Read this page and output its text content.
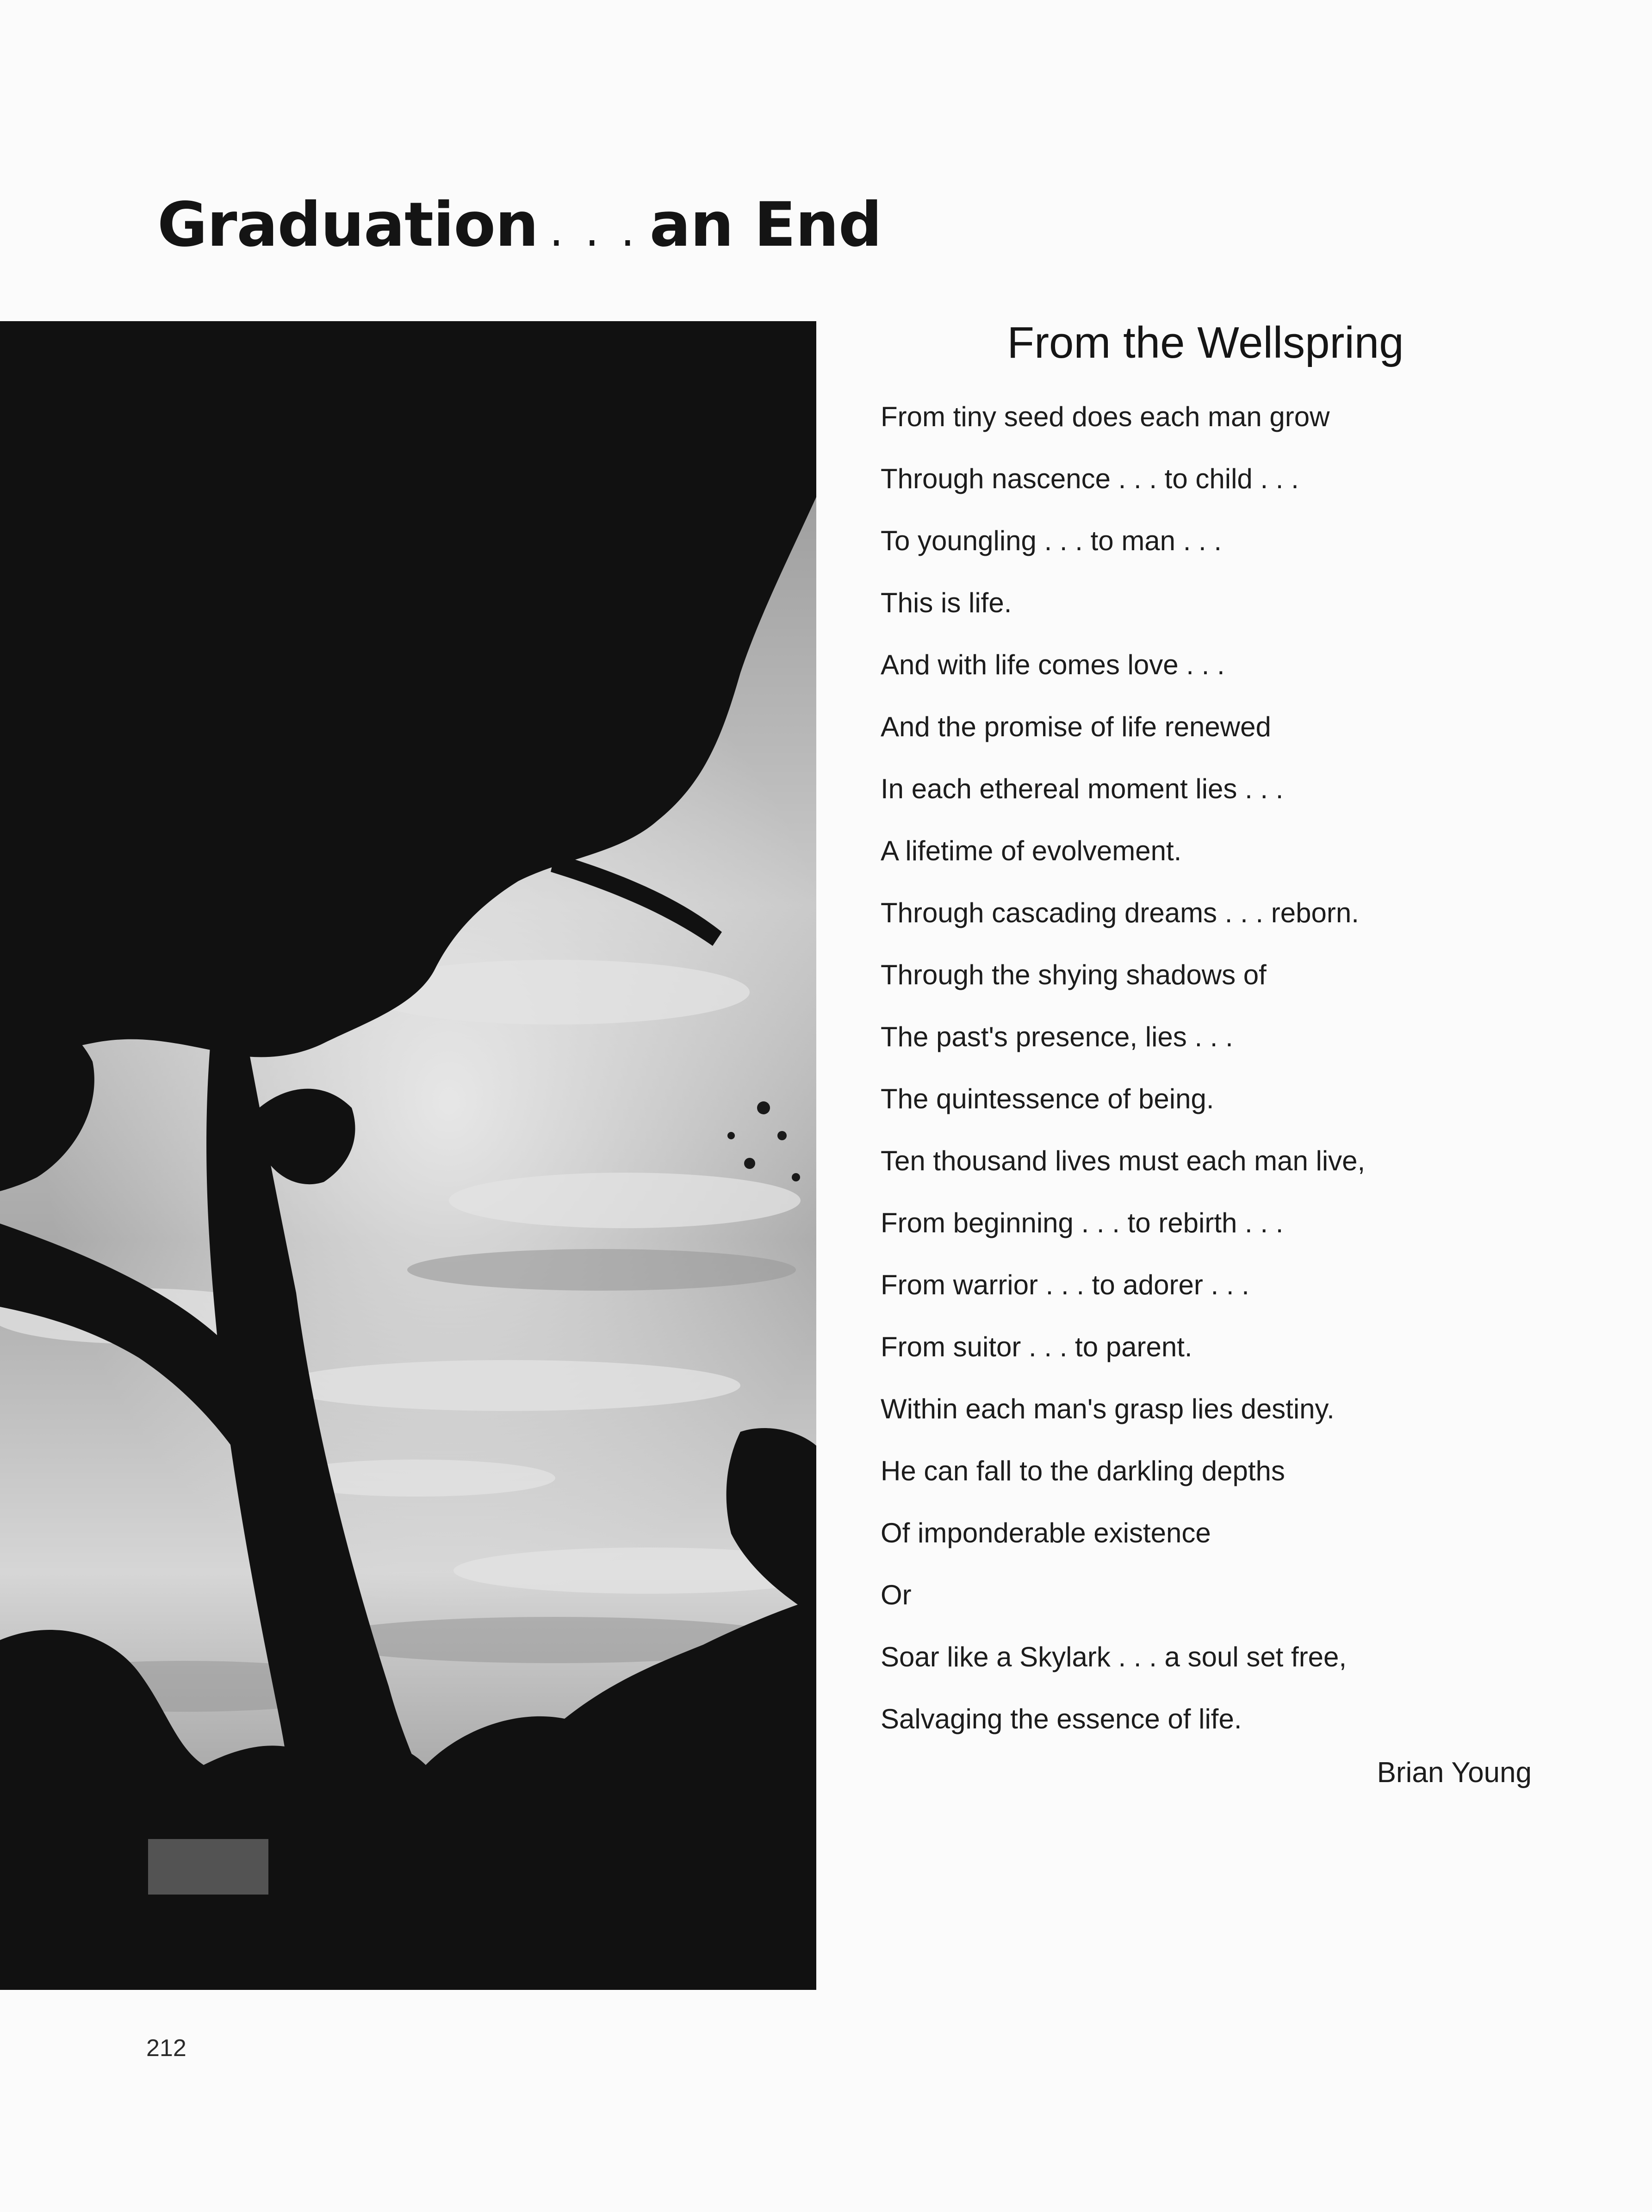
Graduation . . . an End
From the Wellspring
From tiny seed does each man grow
Through nascence . . . to child . . .
To youngling . . . to man . . .
This is life.
And with life comes love . . .
And the promise of life renewed
In each ethereal moment lies . . .
A lifetime of evolvement.
Through cascading dreams . . . reborn.
Through the shying shadows of
The past's presence, lies . . .
The quintessence of being.
Ten thousand lives must each man live,
From beginning . . . to rebirth . . .
From warrior . . . to adorer . . .
From suitor . . . to parent.
Within each man's grasp lies destiny.
He can fall to the darkling depths
Of imponderable existence
Or
Soar like a Skylark . . . a soul set free,
Salvaging the essence of life.
Brian Young
212
